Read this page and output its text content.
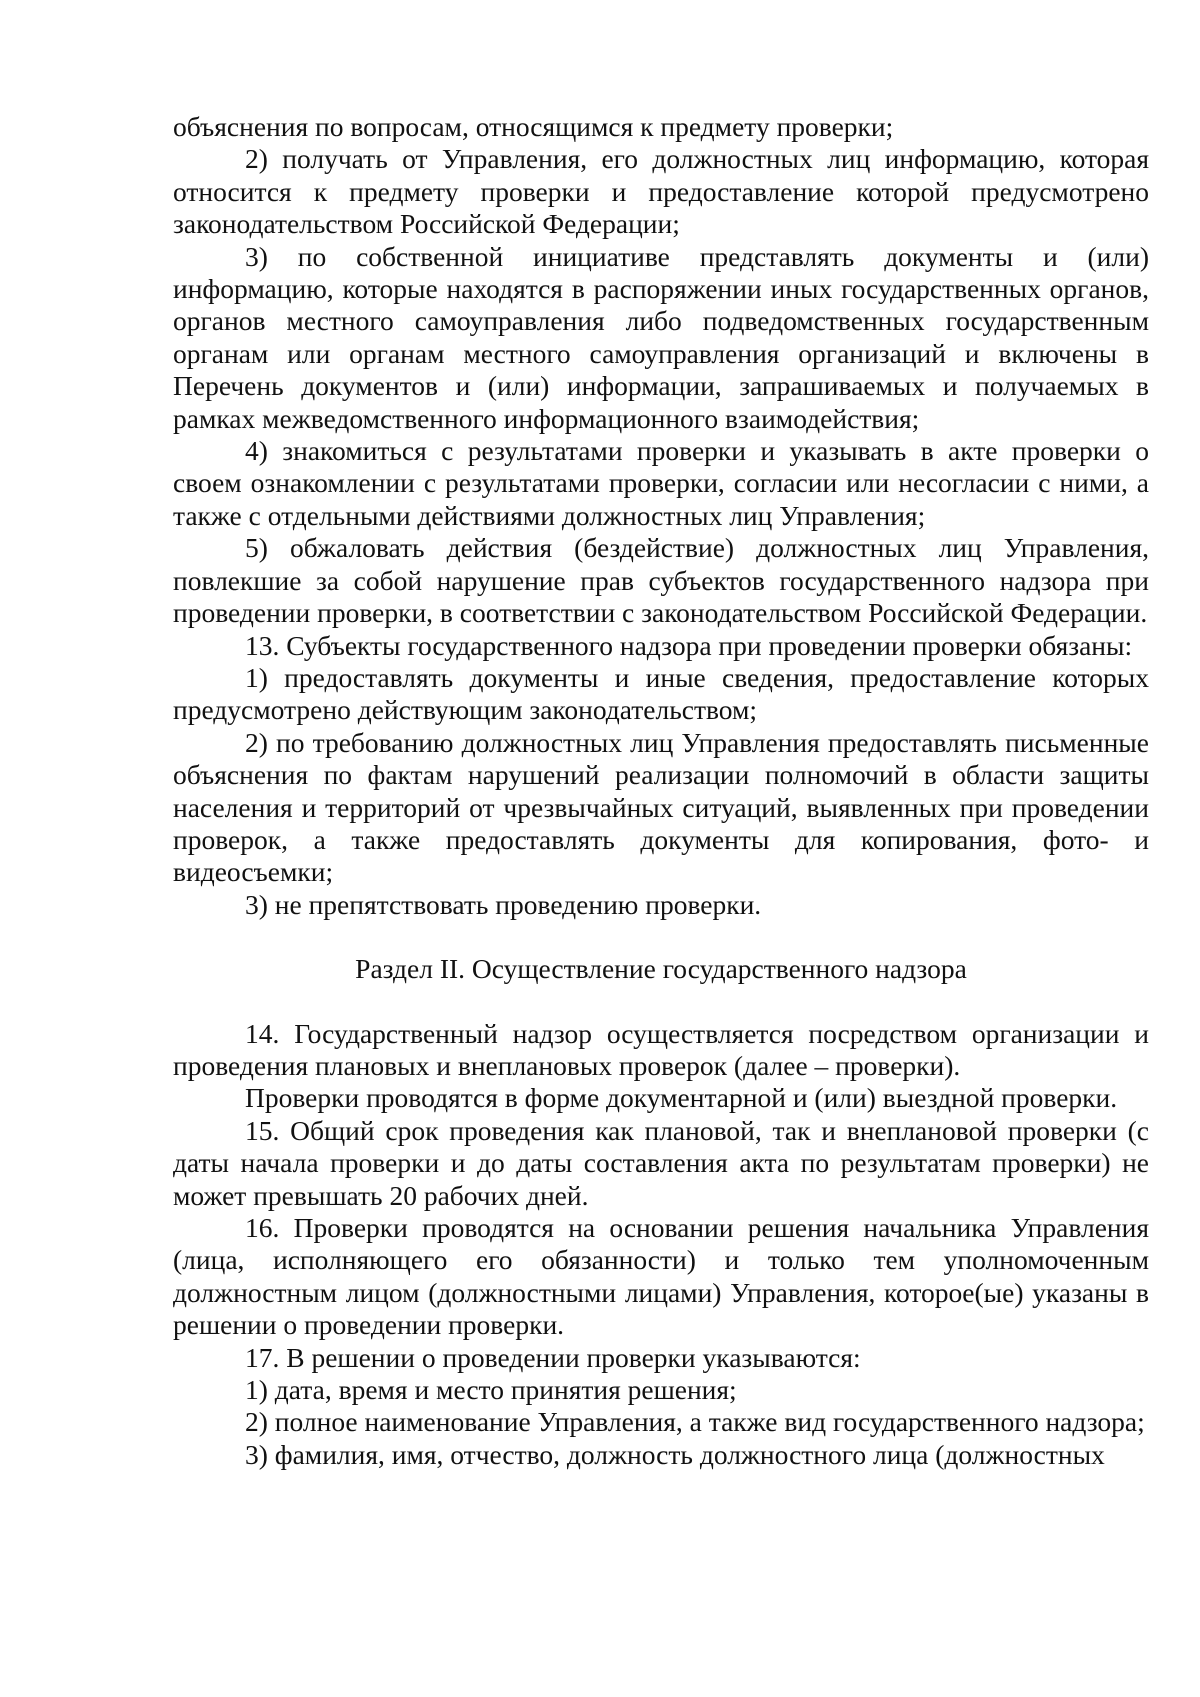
объяснения по вопросам, относящимся к предмету проверки;

2) получать от Управления, его должностных лиц информацию, которая относится к предмету проверки и предоставление которой предусмотрено законодательством Российской Федерации;

3) по собственной инициативе представлять документы и (или) информацию, которые находятся в распоряжении иных государственных органов, органов местного самоуправления либо подведомственных государственным органам или органам местного самоуправления организаций и включены в Перечень документов и (или) информации, запрашиваемых и получаемых в рамках межведомственного информационного взаимодействия;

4) знакомиться с результатами проверки и указывать в акте проверки о своем ознакомлении с результатами проверки, согласии или несогласии с ними, а также с отдельными действиями должностных лиц Управления;

5) обжаловать действия (бездействие) должностных лиц Управления, повлекшие за собой нарушение прав субъектов государственного надзора при проведении проверки, в соответствии с законодательством Российской Федерации.

13. Субъекты государственного надзора при проведении проверки обязаны:

1) предоставлять документы и иные сведения, предоставление которых предусмотрено действующим законодательством;

2) по требованию должностных лиц Управления предоставлять письменные объяснения по фактам нарушений реализации полномочий в области защиты населения и территорий от чрезвычайных ситуаций, выявленных при проведении проверок, а также предоставлять документы для копирования, фото- и видеосъемки;

3) не препятствовать проведению проверки.

Раздел II. Осуществление государственного надзора

14. Государственный надзор осуществляется посредством организации и проведения плановых и внеплановых проверок (далее – проверки).

Проверки проводятся в форме документарной и (или) выездной проверки.

15. Общий срок проведения как плановой, так и внеплановой проверки (с даты начала проверки и до даты составления акта по результатам проверки) не может превышать 20 рабочих дней.

16. Проверки проводятся на основании решения начальника Управления (лица, исполняющего его обязанности) и только тем уполномоченным должностным лицом (должностными лицами) Управления, котороe(ые) указаны в решении о проведении проверки.

17. В решении о проведении проверки указываются:

1) дата, время и место принятия решения;

2) полное наименование Управления, а также вид государственного надзора;

3) фамилия, имя, отчество, должность должностного лица (должностных
